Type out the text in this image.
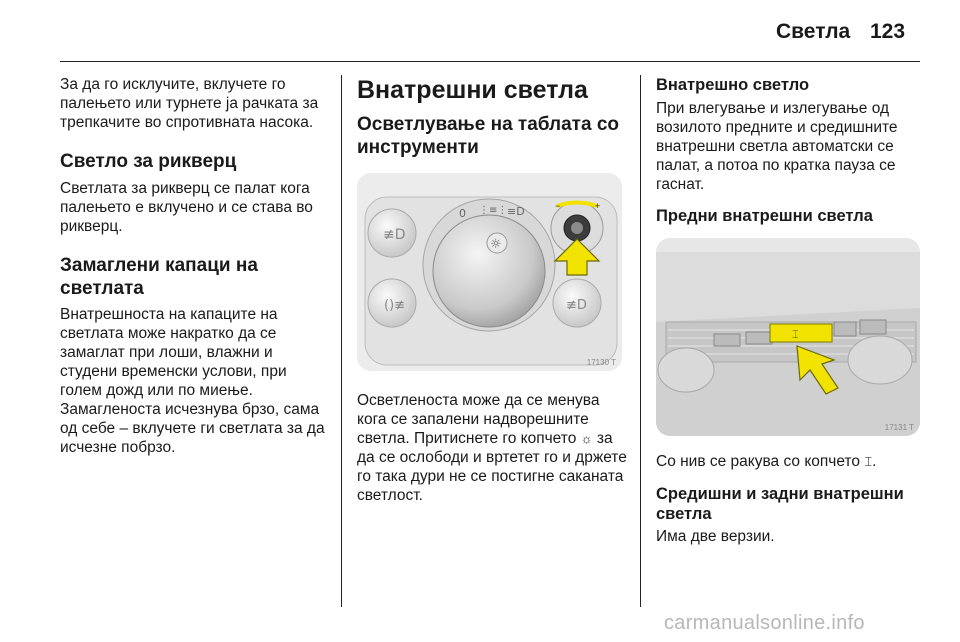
Светла 123

За да го исклучите, вклучете го палењето или турнете ја рачката за трепкачите во спротивната насока.

Светло за рикверц

Светлата за рикверц се палат кога палењето е вклучено и се става во рикверц.

Замаглени капаци на светлата

Внатрешноста на капаците на светлата може накратко да се замаглат при лоши, влажни и студени временски услови, при голем дожд или по миење. Замагленоста исчезнува брзо, сама од себе – вклучете ги светлата за да исчезне побрзо.

Внатрешни светла
Осветлување на таблата со инструменти
≢D
()≢
☼
0 ⋮≡⋮ ≡D	−	+
≢D
17130 T

Осветленоста може да се менува кога се запалени надворешните светла. Притиснете го копчето ☼ за да се ослободи и вртетет го и држете го така дури не се постигне саканата светлост.

Внатрешно светло

При влегување и излегување од возилото предните и средишните внатрешни светла автоматски се палат, а потоа по кратка пауза се гаснат.

Предни внатрешни светла
⌶
17131 T

Со нив се ракува со копчето ⌶.

Средишни и задни внатрешни светла

Има две верзии.

carmanualsonline.info
